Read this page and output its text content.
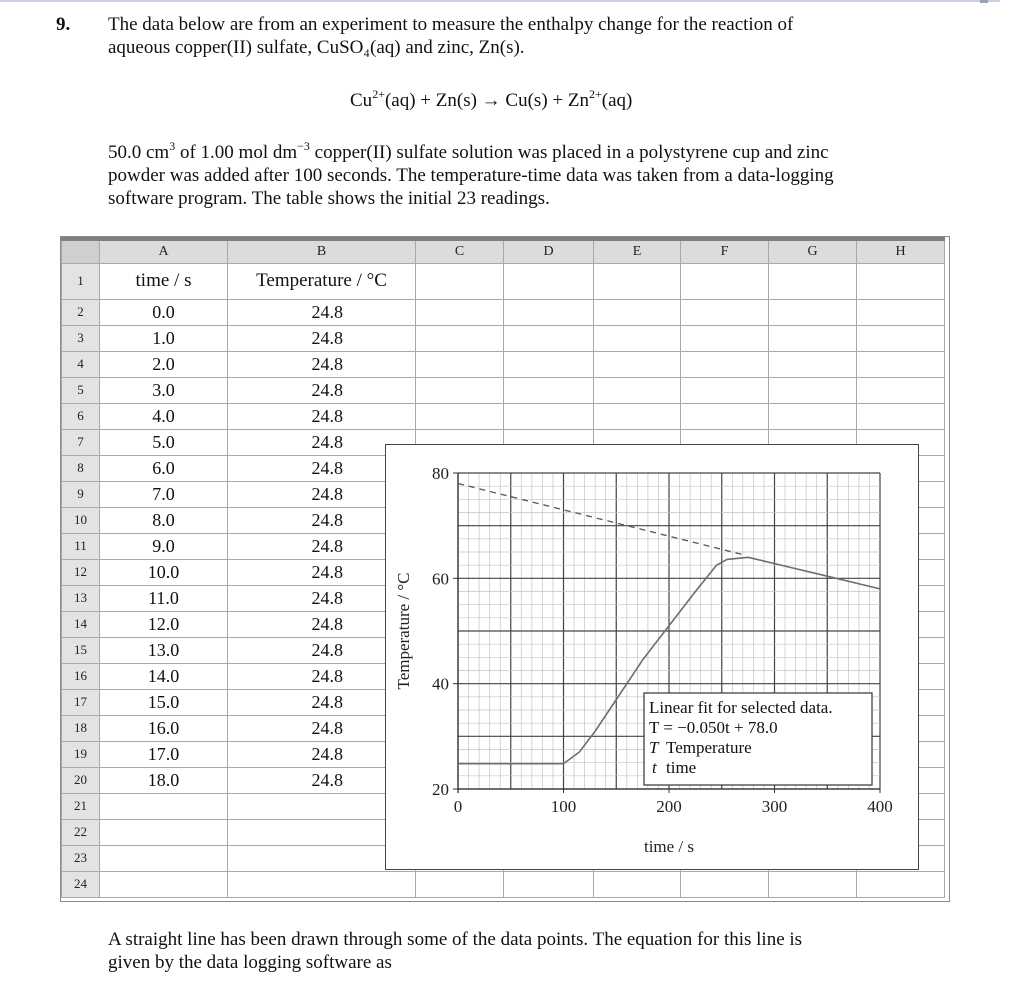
9. The data below are from an experiment to measure the enthalpy change for the reaction of
aqueous copper(II) sulfate, CuSO₄(aq) and zinc, Zn(s).
$Cu^{2+}(aq) + Zn(s) \to Cu(s) + Zn^{2+}(aq)$
50.0 $cm^3$ of 1.00 mol $dm^{-3}$ copper(II) sulfate solution was placed in a polystyrene cup and zinc
powder was added after 100 seconds. The temperature-time data was taken from a data-logging
software program. The table shows the initial 23 readings.
	A	B	C	D	E	F	G	H
1	time / s	Temperature / °C						
2	0.0	24.8						
3	1.0	24.8						
4	2.0	24.8						
5	3.0	24.8						
6	4.0	24.8						
7	5.0	24.8						
8	6.0	24.8						
9	7.0	24.8						
10	8.0	24.8						
11	9.0	24.8						
12	10.0	24.8						
13	11.0	24.8						
14	12.0	24.8						
15	13.0	24.8						
16	14.0	24.8						
17	15.0	24.8						
18	16.0	24.8						
19	17.0	24.8						
20	18.0	24.8						
21								
22								
23								
24								
0	100	200	300	400
20
40
60
80
time / s
Temperature / °C
Linear fit for selected data.
T = −0.050t + 78.0
T Temperature
t time
A straight line has been drawn through some of the data points. The equation for this line is
given by the data logging software as
